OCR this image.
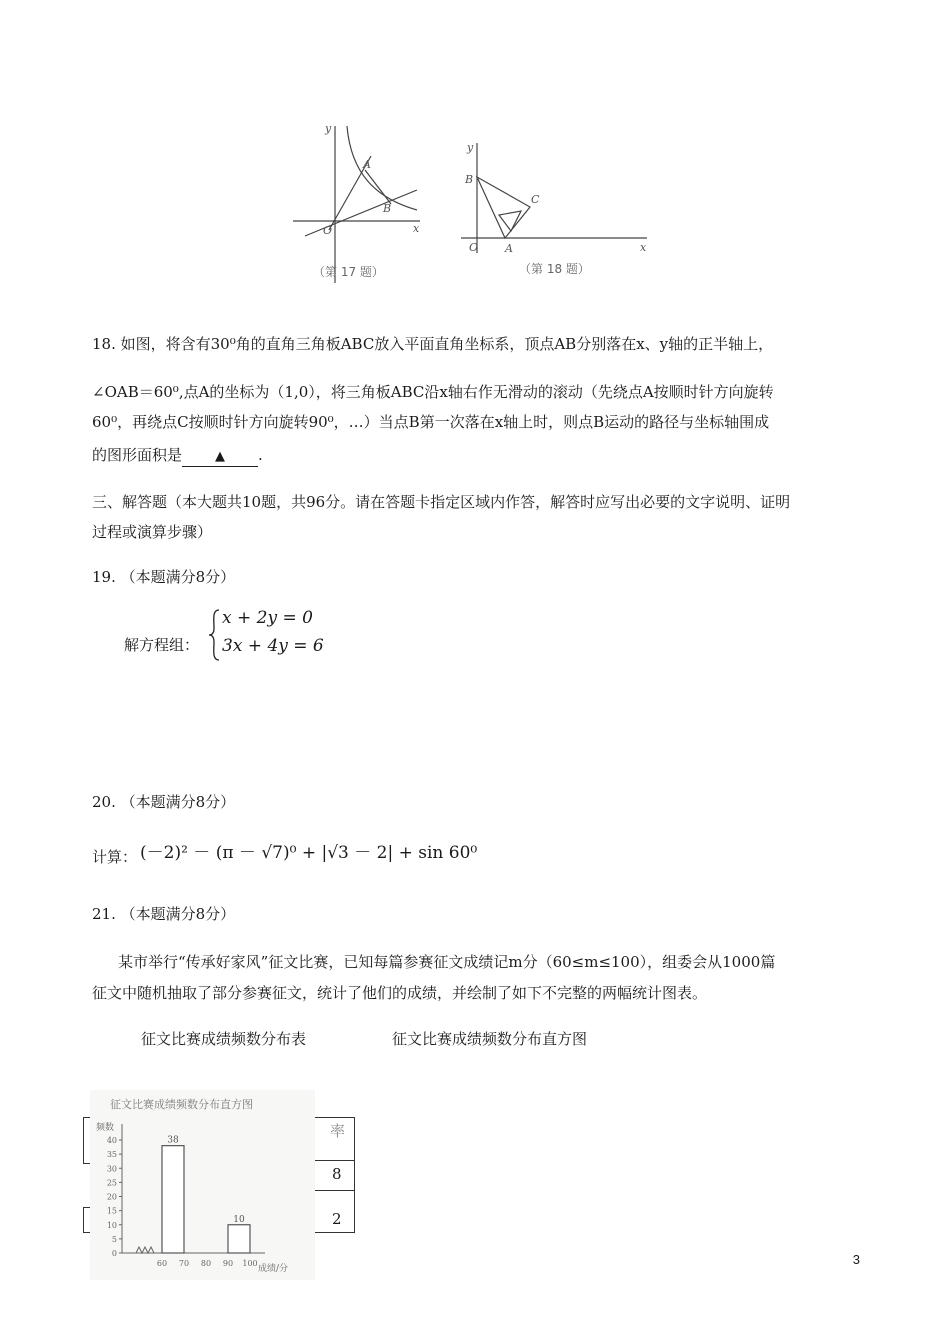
y
x
O
A
B
（第 17 题）
y
x
O
B
A
C
（第 18 题）
18. 如图，将含有30⁰角的直角三角板ABC放入平面直角坐标系，顶点AB分别落在x、y轴的正半轴上，
∠OAB＝60⁰,点A的坐标为（1,0），将三角板ABC沿x轴右作无滑动的滚动（先绕点A按顺时针方向旋转
60⁰，再绕点C按顺时针方向旋转90⁰，…）当点B第一次落在x轴上时，则点B运动的路径与坐标轴围成
的图形面积是	▲ .
三、解答题（本大题共10题，共96分。请在答题卡指定区域内作答，解答时应写出必要的文字说明、证明
过程或演算步骤）
19. （本题满分8分）
解方程组：
x + 2y = 0
3x + 4y = 6
20. （本题满分8分）
计算： (－2)² － (π － √7)⁰ + |√3 － 2| + sin 60⁰
21. （本题满分8分）
某市举行“传承好家风”征文比赛，已知每篇参赛征文成绩记m分（60≤m≤100），组委会从1000篇
征文中随机抽取了部分参赛征文，统计了他们的成绩，并绘制了如下不完整的两幅统计图表。
征文比赛成绩频数分布表	征文比赛成绩频数分布直方图
率
8
2
征文比赛成绩频数分布直方图
频数
成绩/分
40
35
30
25
20
15
10
5
0
60 70 80 90 100
38
10
3
